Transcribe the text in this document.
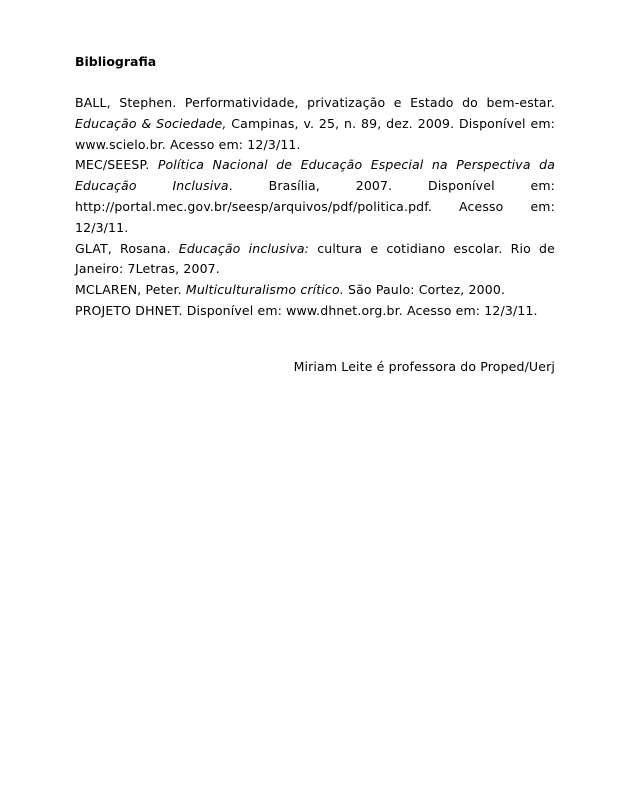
Bibliografia

BALL, Stephen. Performatividade, privatização e Estado do bem-estar. Educação & Sociedade, Campinas, v. 25, n. 89, dez. 2009. Disponível em: www.scielo.br. Acesso em: 12/3/11.

MEC/SEESP. Política Nacional de Educação Especial na Perspectiva da Educação Inclusiva. Brasília, 2007. Disponível em: http://portal.mec.gov.br/seesp/arquivos/pdf/politica.pdf. Acesso em: 12/3/11.

GLAT, Rosana. Educação inclusiva: cultura e cotidiano escolar. Rio de Janeiro: 7Letras, 2007.

MCLAREN, Peter. Multiculturalismo crítico. São Paulo: Cortez, 2000.

PROJETO DHNET. Disponível em: www.dhnet.org.br. Acesso em: 12/3/11.

Miriam Leite é professora do Proped/Uerj
